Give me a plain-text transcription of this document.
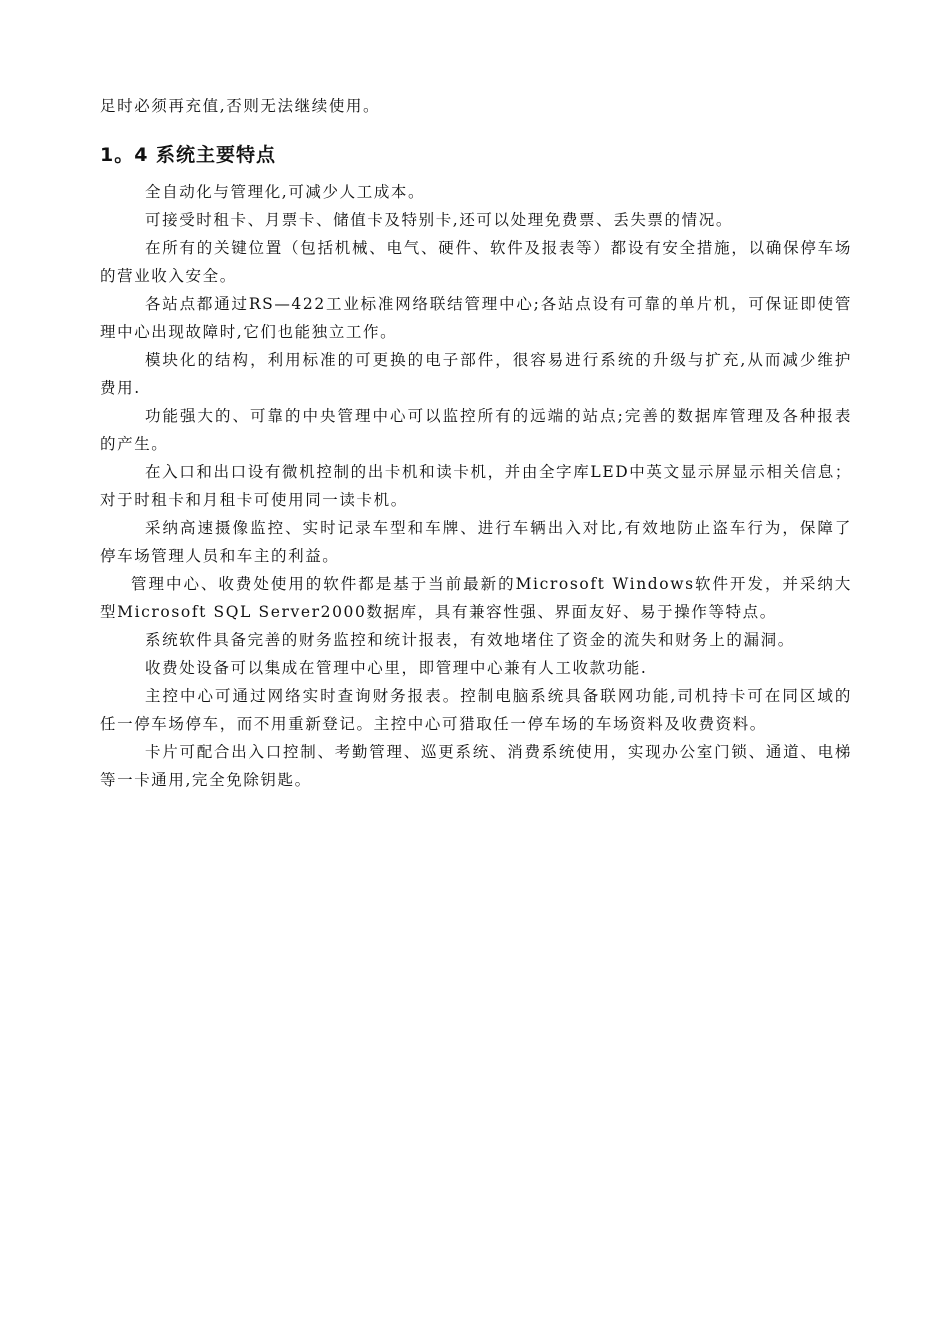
足时必须再充值,否则无法继续使用。

1。4 系统主要特点

全自动化与管理化,可减少人工成本。

可接受时租卡、月票卡、储值卡及特别卡,还可以处理免费票、丢失票的情况。

在所有的关键位置（包括机械、电气、硬件、软件及报表等）都设有安全措施，以确保停车场的营业收入安全。

各站点都通过RS—422工业标准网络联结管理中心;各站点设有可靠的单片机，可保证即使管理中心出现故障时,它们也能独立工作。

模块化的结构，利用标准的可更换的电子部件，很容易进行系统的升级与扩充,从而减少维护费用.

功能强大的、可靠的中央管理中心可以监控所有的远端的站点;完善的数据库管理及各种报表的产生。

在入口和出口设有微机控制的出卡机和读卡机，并由全字库LED中英文显示屏显示相关信息；对于时租卡和月租卡可使用同一读卡机。

采纳高速摄像监控、实时记录车型和车牌、进行车辆出入对比,有效地防止盗车行为，保障了停车场管理人员和车主的利益。

管理中心、收费处使用的软件都是基于当前最新的Microsoft Windows软件开发，并采纳大型Microsoft SQL Server2000数据库，具有兼容性强、界面友好、易于操作等特点。

系统软件具备完善的财务监控和统计报表，有效地堵住了资金的流失和财务上的漏洞。

收费处设备可以集成在管理中心里，即管理中心兼有人工收款功能.

主控中心可通过网络实时查询财务报表。控制电脑系统具备联网功能,司机持卡可在同区域的任一停车场停车，而不用重新登记。主控中心可猎取任一停车场的车场资料及收费资料。

卡片可配合出入口控制、考勤管理、巡更系统、消费系统使用，实现办公室门锁、通道、电梯等一卡通用,完全免除钥匙。
